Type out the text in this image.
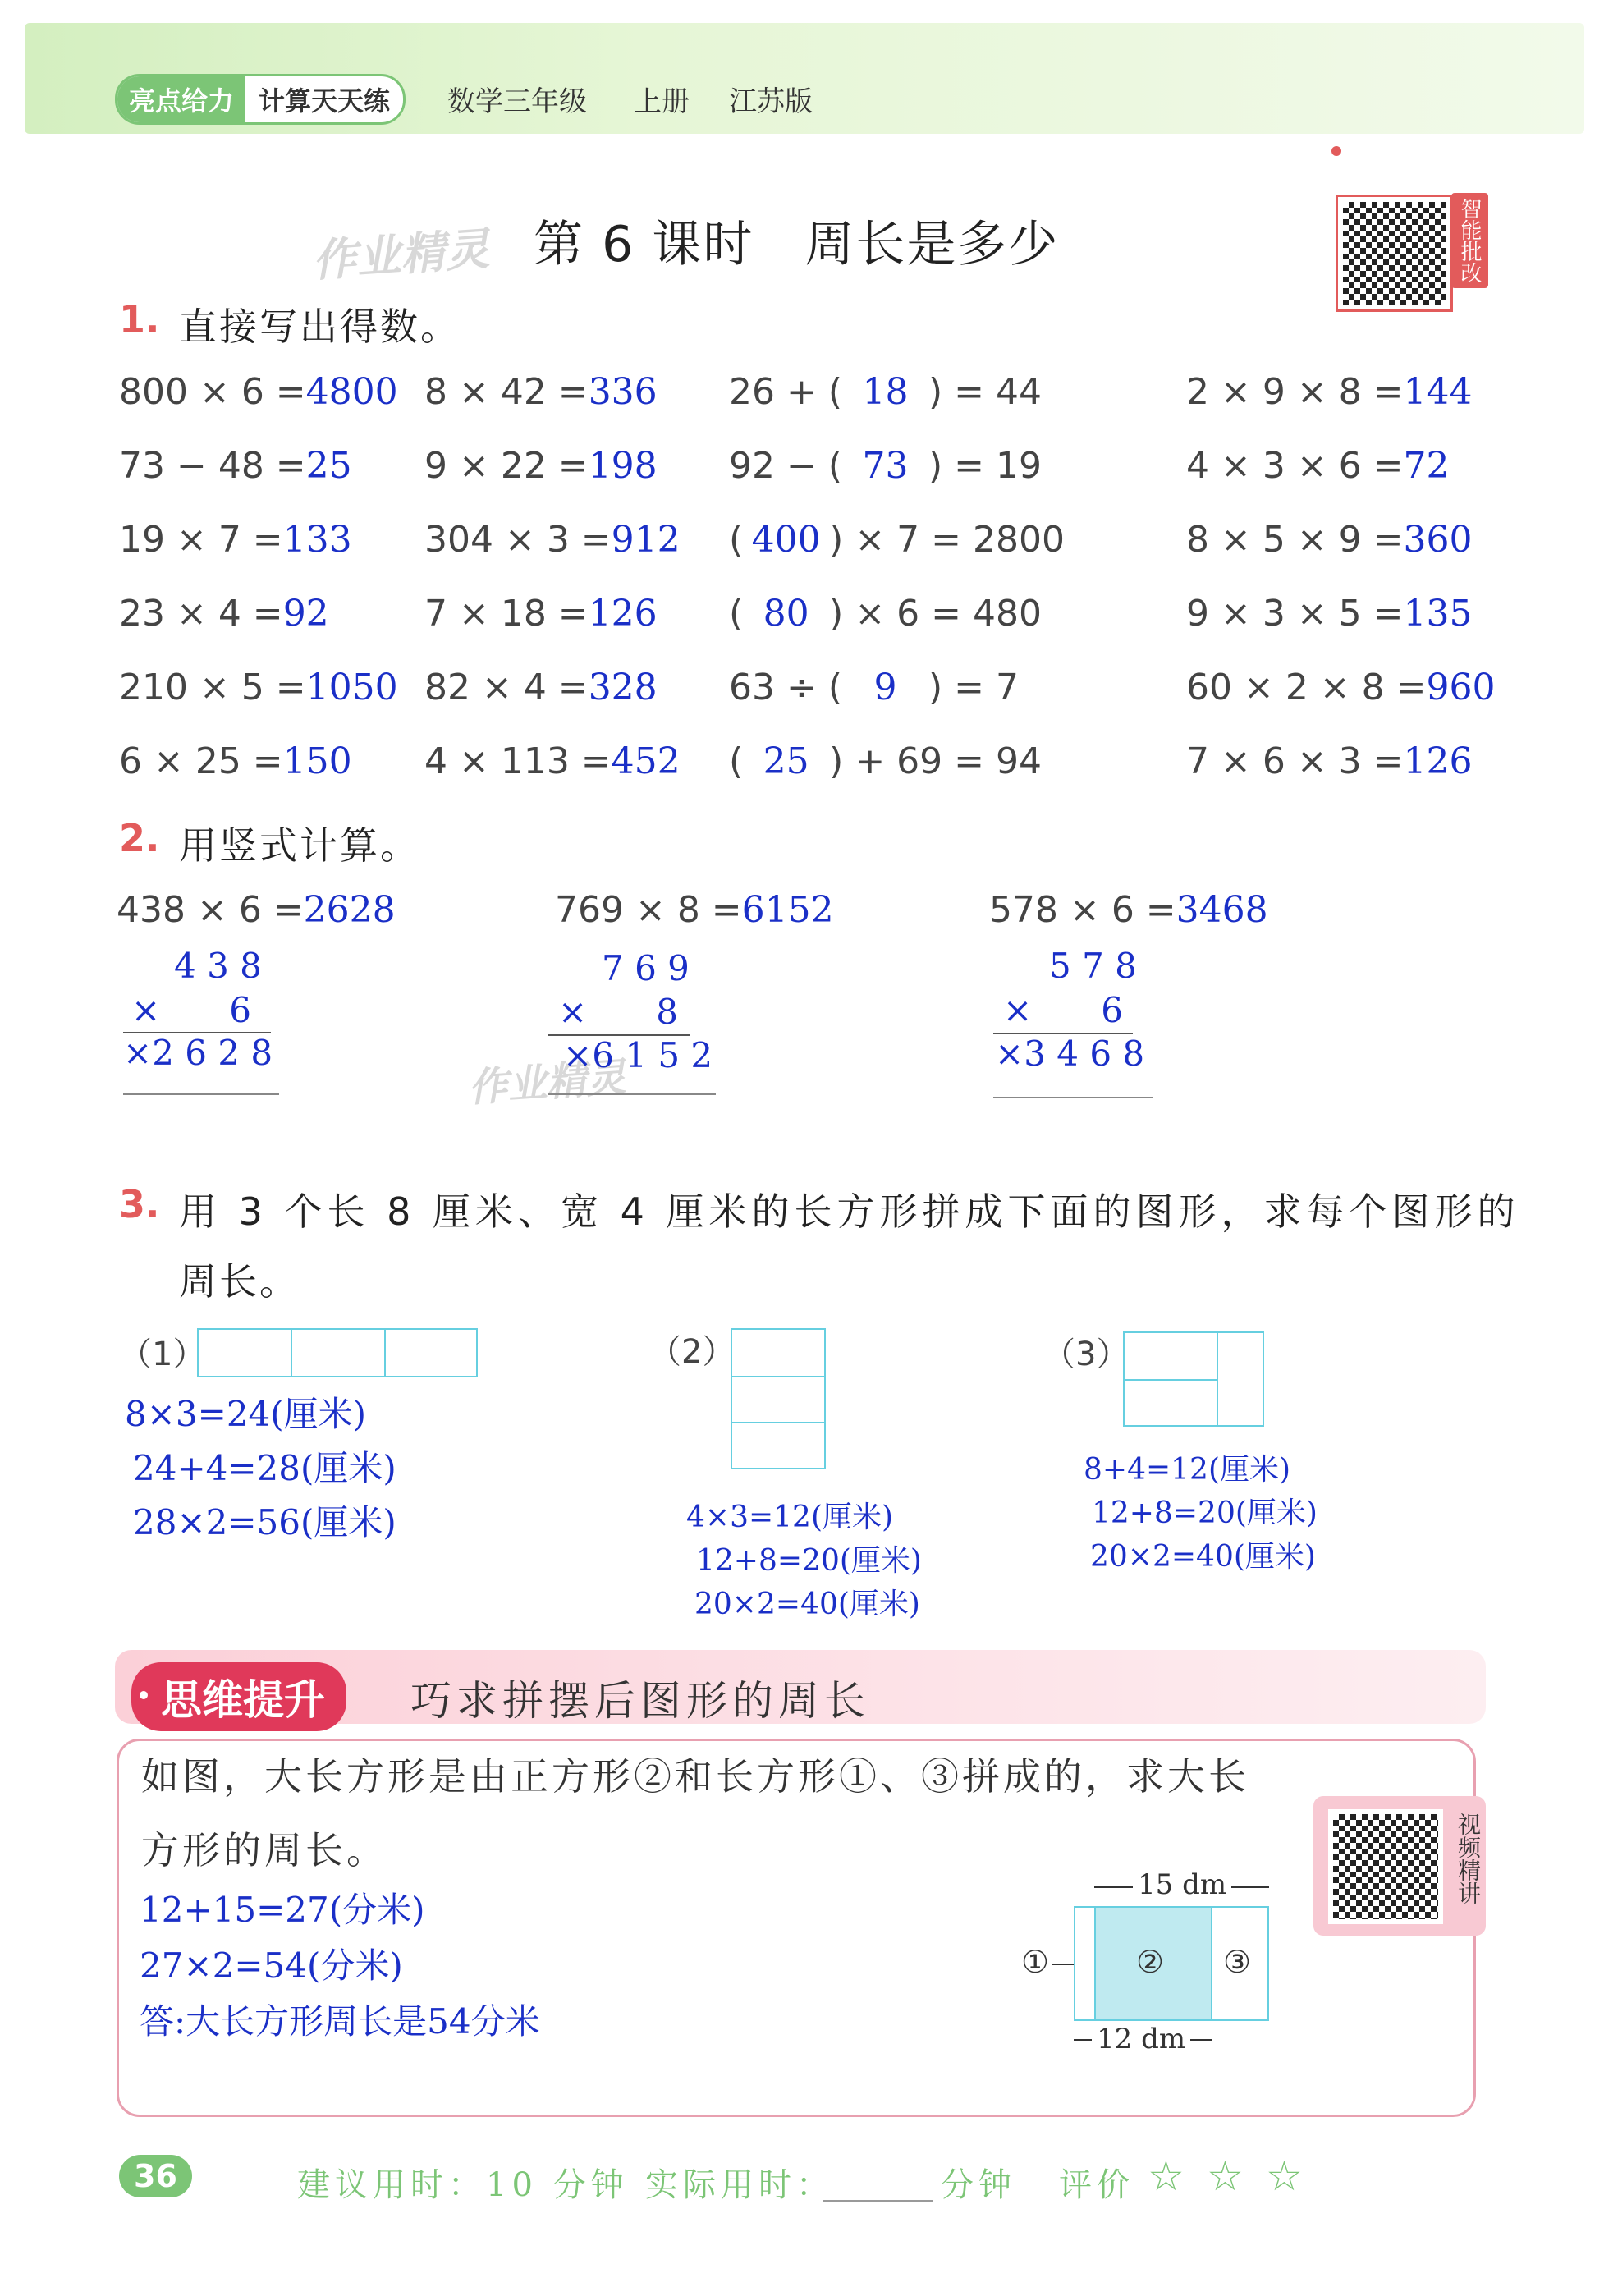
亮点给力 计算天天练	数学三年级 上册 江苏版
作业精灵 第 6 课时　周长是多少	智能批改
1. 直接写出得数。
800 × 6 =4800 8 × 42 =336 26 + ( 18 ) = 44	2 × 9 × 8 =144
73 − 48 =25 9 × 22 =198 92 − ( 73 ) = 19	4 × 3 × 6 =72
19 × 7 =133 304 × 3 =912 ( 400 ) × 7 = 2800	8 × 5 × 9 =360
23 × 4 =92	7 × 18 =126 ( 80 ) × 6 = 480	9 × 3 × 5 =135
210 × 5 =1050 82 × 4 =328 63 ÷ ( 9 ) = 7	60 × 2 × 8 =960
6 × 25 =150 4 × 113 =452 ( 25 ) + 69 = 94	7 × 6 × 3 =126
2. 用竖式计算。
438 × 6 =2628
4 3 8
×　　6
×2 6 2 8
作业精灵
769 × 8 =6152
7 6 9
×　　8
×6 1 5 2
578 × 6 =3468
5 7 8
×　　6
×3 4 6 8
3. 用 3 个长 8 厘米、宽 4 厘米的长方形拼成下面的图形，求每个图形的
周长。
（1）
8×3=24(厘米)
24+4=28(厘米)
28×2=56(厘米)
（2）
4×3=12(厘米)
12+8=20(厘米)
20×2=40(厘米)
（3）
8+4=12(厘米)
12+8=20(厘米)
20×2=40(厘米)
思维提升	巧求拼摆后图形的周长
如图，大长方形是由正方形②和长方形①、③拼成的，求大长
方形的周长。
12+15=27(分米)
27×2=54(分米)
答:大长方形周长是54分米
15 dm
12 dm
①	② ③
视频精讲
36	建议用时：10 分钟 实际用时：	分钟 评价 ☆ ☆ ☆
